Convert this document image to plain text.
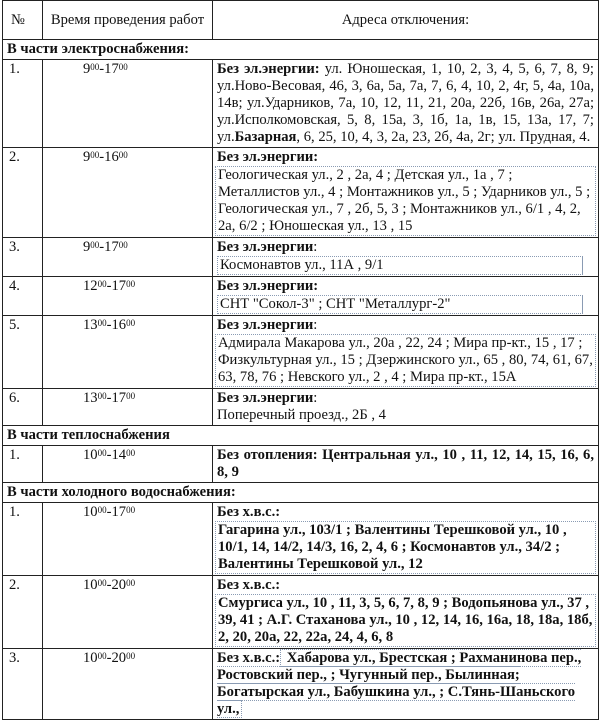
№	Время проведения работ	Адреса отключения:
В части электроснабжения:		
1.	$9^{00}-17^{00}$	Без эл.энергии: ул. Юношеская, 1, 10, 2, 3, 4, 5, 6, 7, 8, 9; ул.Ново-Весовая, 46, 3, 6а, 5а, 7а, 7, 6, 4, 10, 2, 4г, 5, 4а, 10а, 14в; ул.Ударников, 7а, 10, 12, 11, 21, 20а, 22б, 16в, 26а, 27а; ул.Исполкомовская, 5, 8, 15а, 3, 1б, 1а, 1в, 15, 13а, 17, 7; ул.Базарная, 6, 25, 10, 4, 3, 2а, 23, 2б, 4а, 2г; ул. Прудная, 4.
2.	$9^{00}-16^{00}$	Без эл.энергии:
Геологическая ул., 2 , 2а, 4 ; Детская ул., 1а , 7 ; Металлистов ул., 4 ; Монтажников ул., 5 ; Ударников ул., 5 ; Геологическая ул., 7 , 2б, 5, 3 ; Монтажников ул., 6/1 , 4, 2, 2а, 6/2 ; Юношеская ул., 13 , 15

3.	$9^{00}-17^{00}$	Без эл.энергии:
Космонавтов ул., 11А , 9/1
4.	$12^{00}-17^{00}$	Без эл.энергии:
СНТ "Сокол-3" ; СНТ "Металлург-2"
5.	$13^{00}-16^{00}$	Без эл.энергии:
Адмирала Макарова ул., 20а , 22, 24 ; Мира пр-кт., 15 , 17 ; Физкультурная ул., 15 ; Дзержинского ул., 65 , 80, 74, 61, 67, 63, 78, 76 ; Невского ул., 2 , 4 ; Мира пр-кт., 15А

6.	$13^{00}-17^{00}$	Без эл.энергии:
Поперечный проезд., 2Б , 4

В части теплоснабжения		
1.	$10^{00}-14^{00}$	Без отопления: Центральная ул., 10 , 11, 12, 14, 15, 16, 6, 8, 9
В части холодного водоснабжения:		
1.	$10^{00}-17^{00}$	Без х.в.с.:
Гагарина ул., 103/1 ; Валентины Терешковой ул., 10 , 10/1, 14, 14/2, 14/3, 16, 2, 4, 6 ; Космонавтов ул., 34/2 ; Валентины Терешковой ул., 12

2.	$10^{00}-20^{00}$	Без х.в.с.:
Смургиса ул., 10 , 11, 3, 5, 6, 7, 8, 9 ; Водопьянова ул., 37 , 39, 41 ; А.Г. Стаханова ул., 10 , 12, 14, 16, 16а, 18, 18а, 18б, 2, 20, 20а, 22, 22а, 24, 4, 6, 8

3.	$10^{00}-20^{00}$	Без х.в.с.: Хабарова ул., Брестская ; Рахманинова пер., Ростовский пер., ; Чугунный пер., Былинная; Богатырская ул., Бабушкина ул., ; С.Тянь-Шаньского ул.,
